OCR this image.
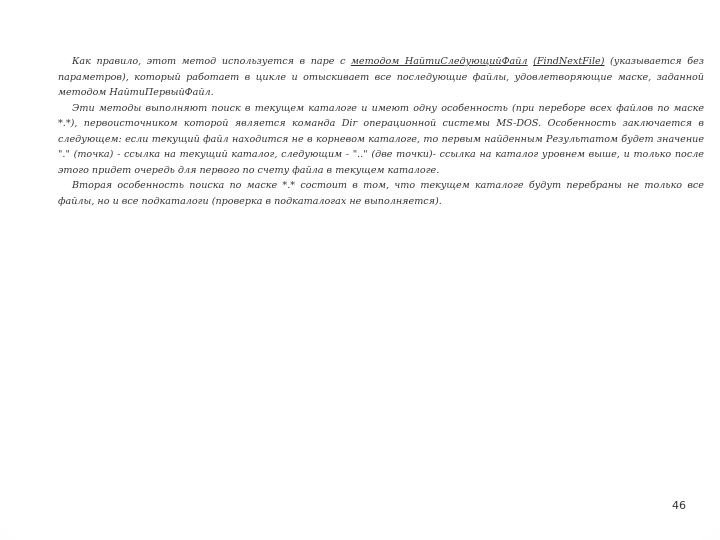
Как правило, этот метод используется в паре с методом НайтиСледующийФайл (FindNextFile) (указывается без параметров), который работает в цикле и отыскивает все последующие файлы, удовлетворяющие маске, заданной методом НайтиПервыйФайл.

Эти методы выполняют поиск в текущем каталоге и имеют одну особенность (при переборе всех файлов по маске *.*), первоисточником которой является команда Dir операционной системы MS-DOS. Особенность заключается в следующем: если текущий файл находится не в корневом каталоге, то первым найденным Результатом будет значение "." (точка) - ссылка на текущий каталог, следующим - ".." (две точки)- ссылка на каталог уровнем выше, и только после этого придет очередь для первого по счету файла в текущем каталоге.

Вторая особенность поиска по маске *.* состоит в том, что текущем каталоге будут перебраны не только все файлы, но и все подкаталоги (проверка в подкаталогах не выполняется).

46
